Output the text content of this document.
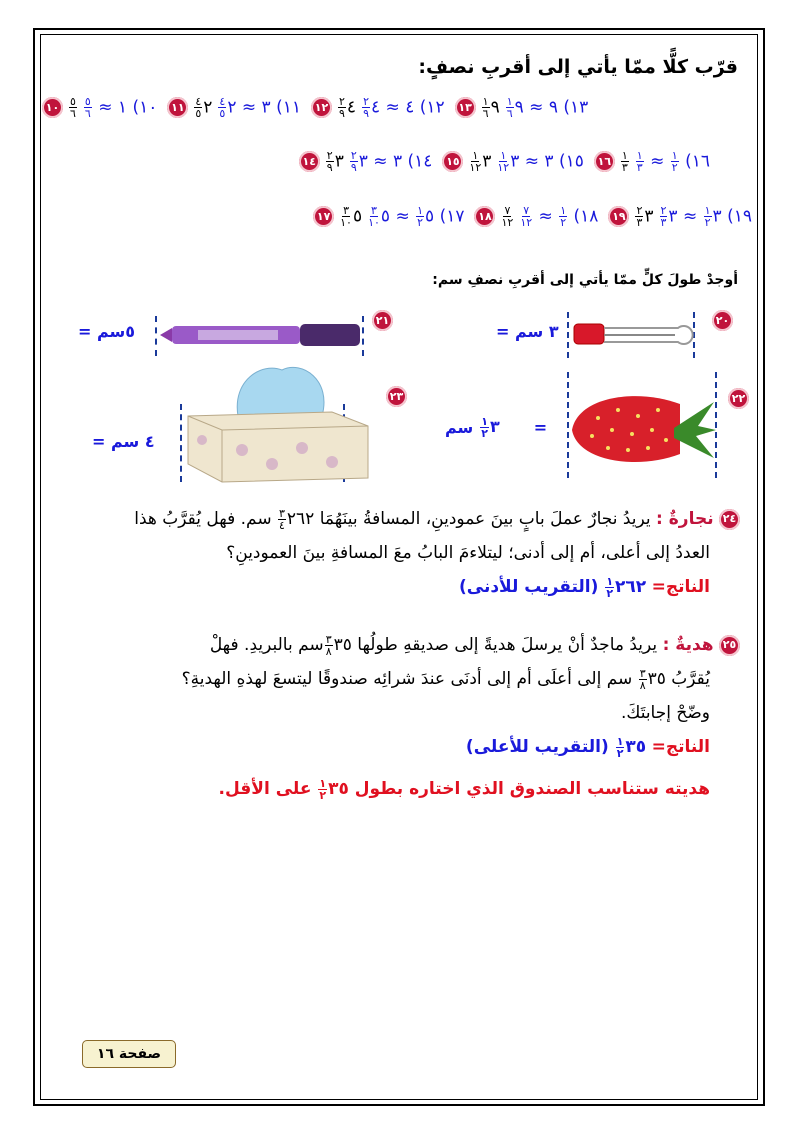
قرّب كلًّا ممّا يأتي إلى أقربِ نصفٍ:
١٠ $\frac{٥}{٦}$ ١٠) ١ ≈
$\frac{٥}{٦}$	١١	٢
$\frac{٤}{٥}$	١١) ٣ ≈ ٢
$\frac{٤}{٥}$	١٢	٤
$\frac{٢}{٩}$	١٢) ٤ ≈ ٤
$\frac{٢}{٩}$	١٣	٩
$\frac{١}{٦}$	١٣) ٩ ≈ ٩
$\frac{١}{٦}$
١٤	٣
$\frac{٢}{٩}$	١٤) ٣ ≈ ٣
$\frac{٢}{٩}$	١٥	٣
$\frac{١}{١٢}$	١٥) ٣ ≈ ٣
$\frac{١}{١٢}$	١٦ $\frac{١}{٣}$	١٦)
$\frac{١}{٢}$
≈
$\frac{١}{٣}$
١٧	٥
$\frac{٣}{١٠}$	١٧) ٥
$\frac{١}{٢}$
≈ ٥
$\frac{٣}{١٠}$	١٨ $\frac{٧}{١٢}$	١٨)
$\frac{١}{٢}$
≈
$\frac{٧}{١٢}$	١٩	٣
$\frac{٢}{٣}$	١٩) ٣
$\frac{١}{٢}$
≈ ٣
$\frac{٢}{٣}$
أوجدْ طولَ كلٍّ ممّا يأتي إلى أقربِ نصفِ سم:
٢٠
= ٣ سم
٢١
= ٥سم
٢٢
=
٣
$\frac{١}{٢}$
سم
٢٣
= ٤ سم
٢٤ نجارةٌ : يريدُ نجارٌ عملَ بابٍ بينَ عمودينِ، المسافةُ بينَهُمَا ٢٦٢
$\frac{٣}{٤}$
سم. فهل يُقرَّبُ هذا
العددُ إلى أعلى، أم إلى أدنى؛ ليتلاءمَ البابُ معَ المسافةِ بينَ العمودينِ؟
الناتج= ٢٦٢
$\frac{١}{٢}$
(التقريب للأدنى)
٢٥ هديةٌ : يريدُ ماجدٌ أنْ يرسلَ هديةً إلى صديقهِ طولُها ٣٥
$\frac{٣}{٨}$
سم بالبريدِ. فهلْ
يُقرَّبُ ٣٥
$\frac{٣}{٨}$
سم إلى أعلَى أم إلى أدنَى عندَ شرائِه صندوقًا ليتسعَ لهذهِ الهديةِ؟
وضّحْ إجابتَكَ.
الناتج= ٣٥
$\frac{١}{٢}$
(التقريب للأعلى)
هديته ستناسب الصندوق الذي اختاره بطول ٣٥
$\frac{١}{٢}$
على الأقل.
صفحة ١٦
